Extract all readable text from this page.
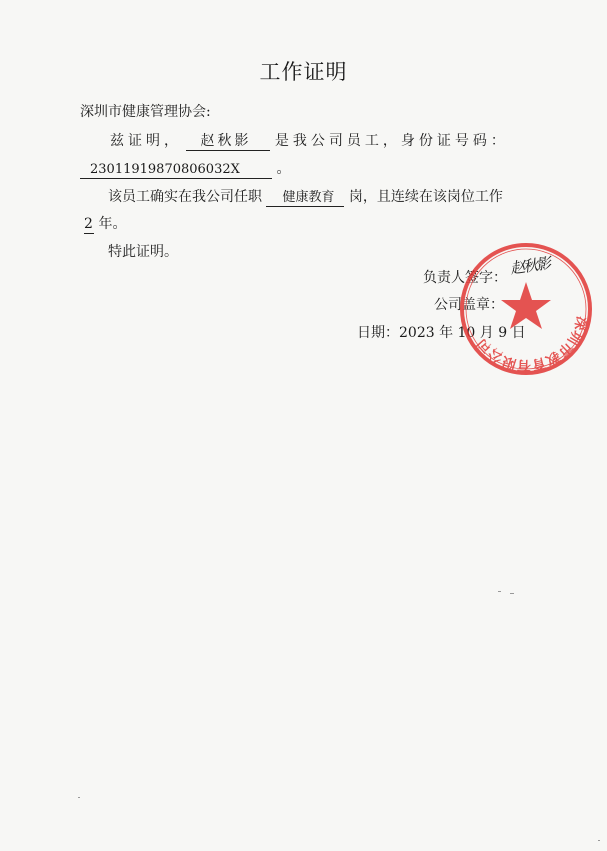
工作证明
深圳市健康管理协会:
兹证明， 赵秋影 是我公司员工，身份证号码：
23011919870806032X	。
该员工确实在我公司任职 健康教育 岗，且连续在该岗位工作
2 年。
特此证明。
负责人签字：
公司盖章：
日期：2023 年 10 月 9 日
深圳市教育有限公司
赵秋影
